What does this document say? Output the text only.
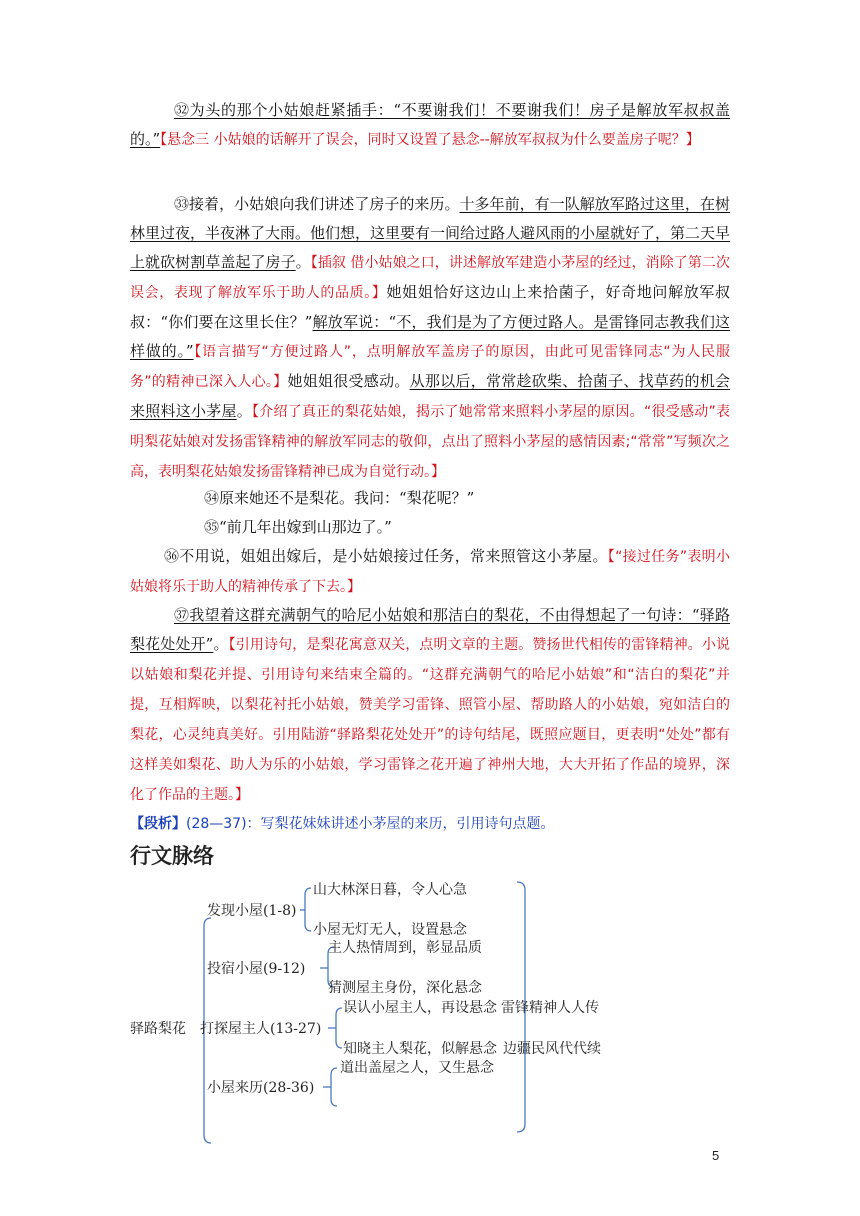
㉜为头的那个小姑娘赶紧插手：“不要谢我们！不要谢我们！房子是解放军叔叔盖的。”【悬念三 小姑娘的话解开了误会，同时又设置了悬念--解放军叔叔为什么要盖房子呢？】

㉝接着，小姑娘向我们讲述了房子的来历。十多年前，有一队解放军路过这里，在树林里过夜，半夜淋了大雨。他们想，这里要有一间给过路人避风雨的小屋就好了，第二天早上就砍树割草盖起了房子。【插叙 借小姑娘之口，讲述解放军建造小茅屋的经过，消除了第二次误会，表现了解放军乐于助人的品质。】她姐姐恰好这边山上来拾菌子，好奇地问解放军叔叔：“你们要在这里长住？”解放军说：“不，我们是为了方便过路人。是雷锋同志教我们这样做的。”【语言描写“方便过路人”，点明解放军盖房子的原因，由此可见雷锋同志“为人民服务”的精神已深入人心。】她姐姐很受感动。从那以后，常常趁砍柴、拾菌子、找草药的机会来照料这小茅屋。【介绍了真正的梨花姑娘，揭示了她常常来照料小茅屋的原因。“很受感动”表明梨花姑娘对发扬雷锋精神的解放军同志的敬仰，点出了照料小茅屋的感情因素;“常常”写频次之高，表明梨花姑娘发扬雷锋精神已成为自觉行动。】

㉞原来她还不是梨花。我问：“梨花呢？”

㉟“前几年出嫁到山那边了。”

㊱不用说，姐姐出嫁后，是小姑娘接过任务，常来照管这小茅屋。【“接过任务”表明小姑娘将乐于助人的精神传承了下去。】

㊲我望着这群充满朝气的哈尼小姑娘和那洁白的梨花，不由得想起了一句诗：“驿路梨花处处开”。【引用诗句，是梨花寓意双关，点明文章的主题。赞扬世代相传的雷锋精神。小说以姑娘和梨花并提、引用诗句来结束全篇的。“这群充满朝气的哈尼小姑娘”和“洁白的梨花”并提，互相辉映，以梨花衬托小姑娘，赞美学习雷锋、照管小屋、帮助路人的小姑娘，宛如洁白的梨花，心灵纯真美好。引用陆游“驿路梨花处处开”的诗句结尾，既照应题目，更表明“处处”都有这样美如梨花、助人为乐的小姑娘，学习雷锋之花开遍了神州大地，大大开拓了作品的境界，深化了作品的主题。】

【段析】(28—37)：写梨花妹妹讲述小茅屋的来历，引用诗句点题。

行文脉络
驿路梨花
发现小屋(1-8)
山大林深日暮，令人心急
小屋无灯无人，设置悬念
投宿小屋(9-12)
主人热情周到，彰显品质
猜测屋主身份，深化悬念
打探屋主人(13-27)
误认小屋主人，再设悬念
知晓主人梨花，似解悬念
小屋来历(28-36)
道出盖屋之人，又生悬念
雷锋精神人人传
边疆民风代代续
5
